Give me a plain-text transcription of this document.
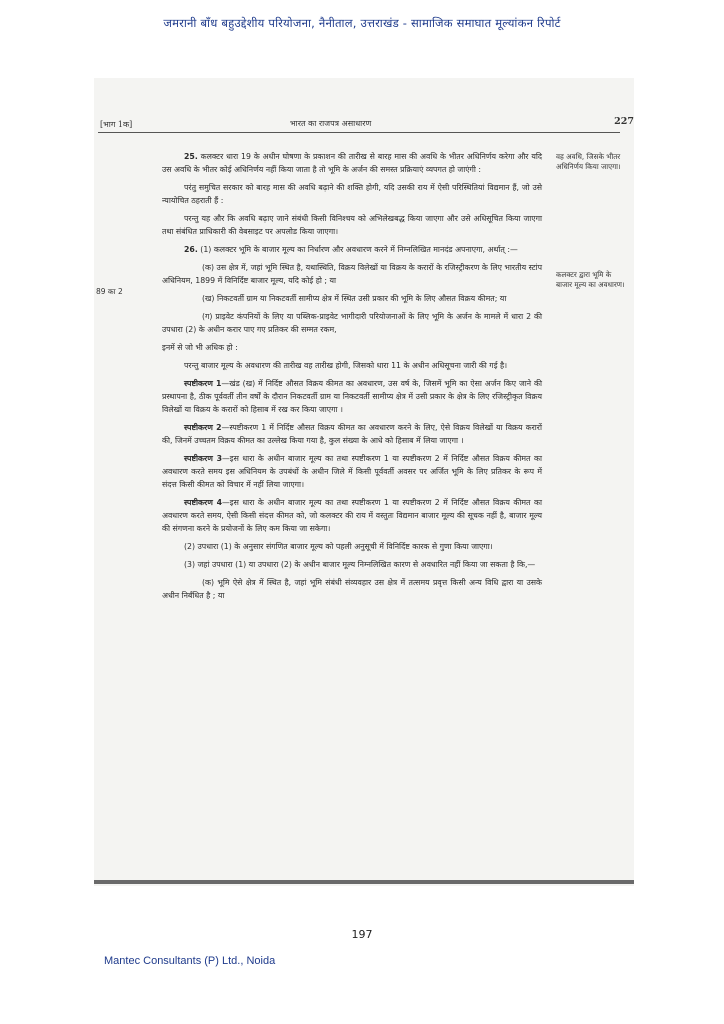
जमरानी बाँध बहुउद्देशीय परियोजना, नैनीताल, उत्तराखंड - सामाजिक समाघात मूल्यांकन रिपोर्ट
[भाग 1क]	भारत का राजपत्र असाधारण	227
89 का 2
वह अवधि, जिसके भीतर अधिनिर्णय किया जाएगा।
कलक्टर द्वारा भूमि के बाजार मूल्य का अवधारण।

25. कलक्टर धारा 19 के अधीन घोषणा के प्रकाशन की तारीख से बारह मास की अवधि के भीतर अधिनिर्णय करेगा और यदि उस अवधि के भीतर कोई अधिनिर्णय नहीं किया जाता है तो भूमि के अर्जन की समस्त प्रक्रियाएं व्यपगत हो जाएंगी :

परंतु समुचित सरकार को बारह मास की अवधि बढ़ाने की शक्ति होगी, यदि उसकी राय में ऐसी परिस्थितियां विद्यमान हैं, जो उसे न्यायोचित ठहराती हैं :

परन्तु यह और कि अवधि बढ़ाए जाने संबंधी किसी विनिश्चय को अभिलेखबद्ध किया जाएगा और उसे अधिसूचित किया जाएगा तथा संबंधित प्राधिकारी की वेबसाइट पर अपलोड किया जाएगा।

26. (1) कलक्टर भूमि के बाजार मूल्य का निर्धारण और अवधारण करने में निम्नलिखित मानदंड अपनाएगा, अर्थात् :—

(क) उस क्षेत्र में, जहां भूमि स्थित है, यथास्थिति, विक्रय विलेखों या विक्रय के करारों के रजिस्ट्रीकरण के लिए भारतीय स्टांप अधिनियम, 1899 में विनिर्दिष्ट बाजार मूल्य, यदि कोई हो ; या

(ख) निकटवर्ती ग्राम या निकटवर्ती सामीप्य क्षेत्र में स्थित उसी प्रकार की भूमि के लिए औसत विक्रय कीमत; या

(ग) प्राइवेट कंपनियों के लिए या पब्लिक-प्राइवेट भागीदारी परियोजनाओं के लिए भूमि के अर्जन के मामले में धारा 2 की उपधारा (2) के अधीन करार पाए गए प्रतिकर की सम्मत रकम,

इनमें से जो भी अधिक हो :

परन्तु बाजार मूल्य के अवधारण की तारीख वह तारीख होगी, जिसको धारा 11 के अधीन अधिसूचना जारी की गई है।

स्पष्टीकरण 1—खंड (ख) में निर्दिष्ट औसत विक्रय कीमत का अवधारण, उस वर्ष के, जिसमें भूमि का ऐसा अर्जन किए जाने की प्रस्थापना है, ठीक पूर्ववर्ती तीन वर्षों के दौरान निकटवर्ती ग्राम या निकटवर्ती सामीप्य क्षेत्र में उसी प्रकार के क्षेत्र के लिए रजिस्ट्रीकृत विक्रय विलेखों या विक्रय के करारों को हिसाब में रख कर किया जाएगा ।

स्पष्टीकरण 2—स्पष्टीकरण 1 में निर्दिष्ट औसत विक्रय कीमत का अवधारण करने के लिए, ऐसे विक्रय विलेखों या विक्रय करारों की, जिनमें उच्चतम विक्रय कीमत का उल्लेख किया गया है, कुल संख्या के आधे को हिसाब में लिया जाएगा ।

स्पष्टीकरण 3—इस धारा के अधीन बाजार मूल्य का तथा स्पष्टीकरण 1 या स्पष्टीकरण 2 में निर्दिष्ट औसत विक्रय कीमत का अवधारण करते समय इस अधिनियम के उपबंधों के अधीन जिले में किसी पूर्ववर्ती अवसर पर अर्जित भूमि के लिए प्रतिकर के रूप में संदत्त किसी कीमत को विचार में नहीं लिया जाएगा।

स्पष्टीकरण 4—इस धारा के अधीन बाजार मूल्य का तथा स्पष्टीकरण 1 या स्पष्टीकरण 2 में निर्दिष्ट औसत विक्रय कीमत का अवधारण करते समय, ऐसी किसी संदत्त कीमत को, जो कलक्टर की राय में वस्तुतः विद्यमान बाजार मूल्य की सूचक नहीं है, बाजार मूल्य की संगणना करने के प्रयोजनों के लिए कम किया जा सकेगा।

(2) उपधारा (1) के अनुसार संगणित बाजार मूल्य को पहली अनुसूची में विनिर्दिष्ट कारक से गुणा किया जाएगा।

(3) जहां उपधारा (1) या उपधारा (2) के अधीन बाजार मूल्य निम्नलिखित कारण से अवधारित नहीं किया जा सकता है कि,—

(क) भूमि ऐसे क्षेत्र में स्थित है, जहां भूमि संबंधी संव्यवहार उस क्षेत्र में तत्समय प्रवृत्त किसी अन्य विधि द्वारा या उसके अधीन निर्बंधित है ; या

197
Mantec Consultants (P) Ltd., Noida
